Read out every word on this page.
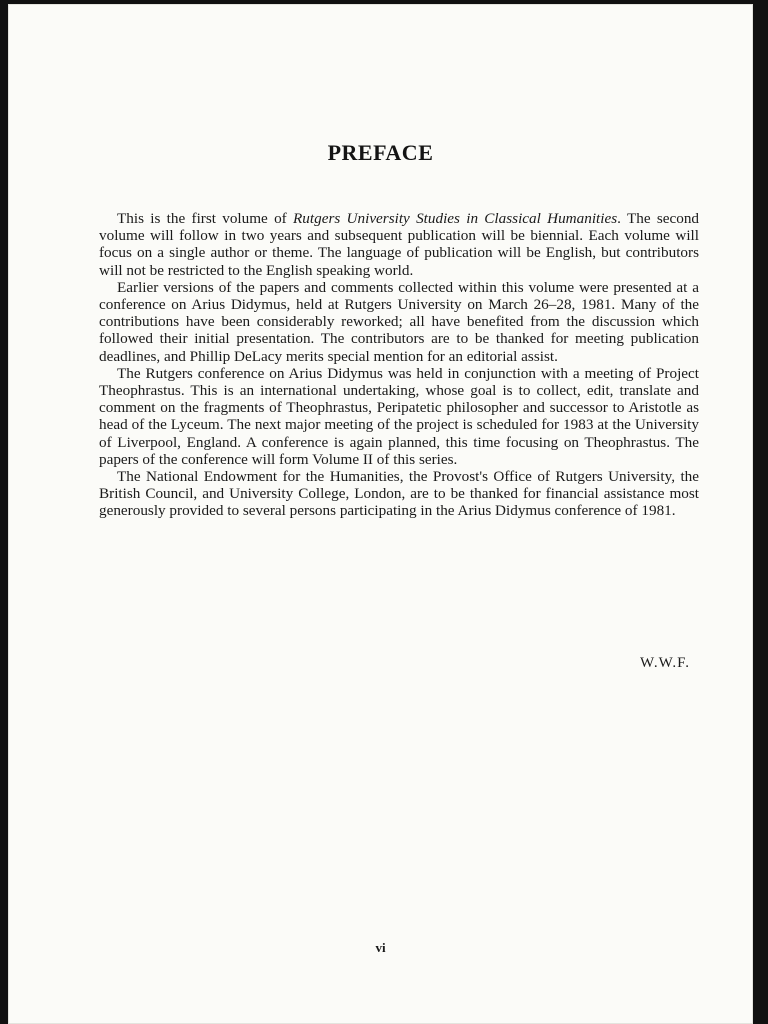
PREFACE

This is the first volume of Rutgers University Studies in Classical Humanities. The second volume will follow in two years and subsequent publication will be biennial. Each volume will focus on a single author or theme. The language of publication will be English, but contributors will not be restricted to the English speaking world.

Earlier versions of the papers and comments collected within this volume were presented at a conference on Arius Didymus, held at Rutgers University on March 26–28, 1981. Many of the contributions have been considerably reworked; all have benefited from the discussion which followed their initial presentation. The contributors are to be thanked for meeting publication deadlines, and Phillip DeLacy merits special mention for an editorial assist.

The Rutgers conference on Arius Didymus was held in conjunction with a meeting of Project Theophrastus. This is an international undertaking, whose goal is to collect, edit, translate and comment on the fragments of Theophrastus, Peripatetic philosopher and successor to Aristotle as head of the Lyceum. The next major meeting of the project is scheduled for 1983 at the University of Liverpool, England. A conference is again planned, this time focusing on Theophrastus. The papers of the conference will form Volume II of this series.

The National Endowment for the Humanities, the Provost's Office of Rutgers University, the British Council, and University College, London, are to be thanked for financial assistance most generously provided to several persons participating in the Arius Didymus conference of 1981.

W.W.F.
vi
